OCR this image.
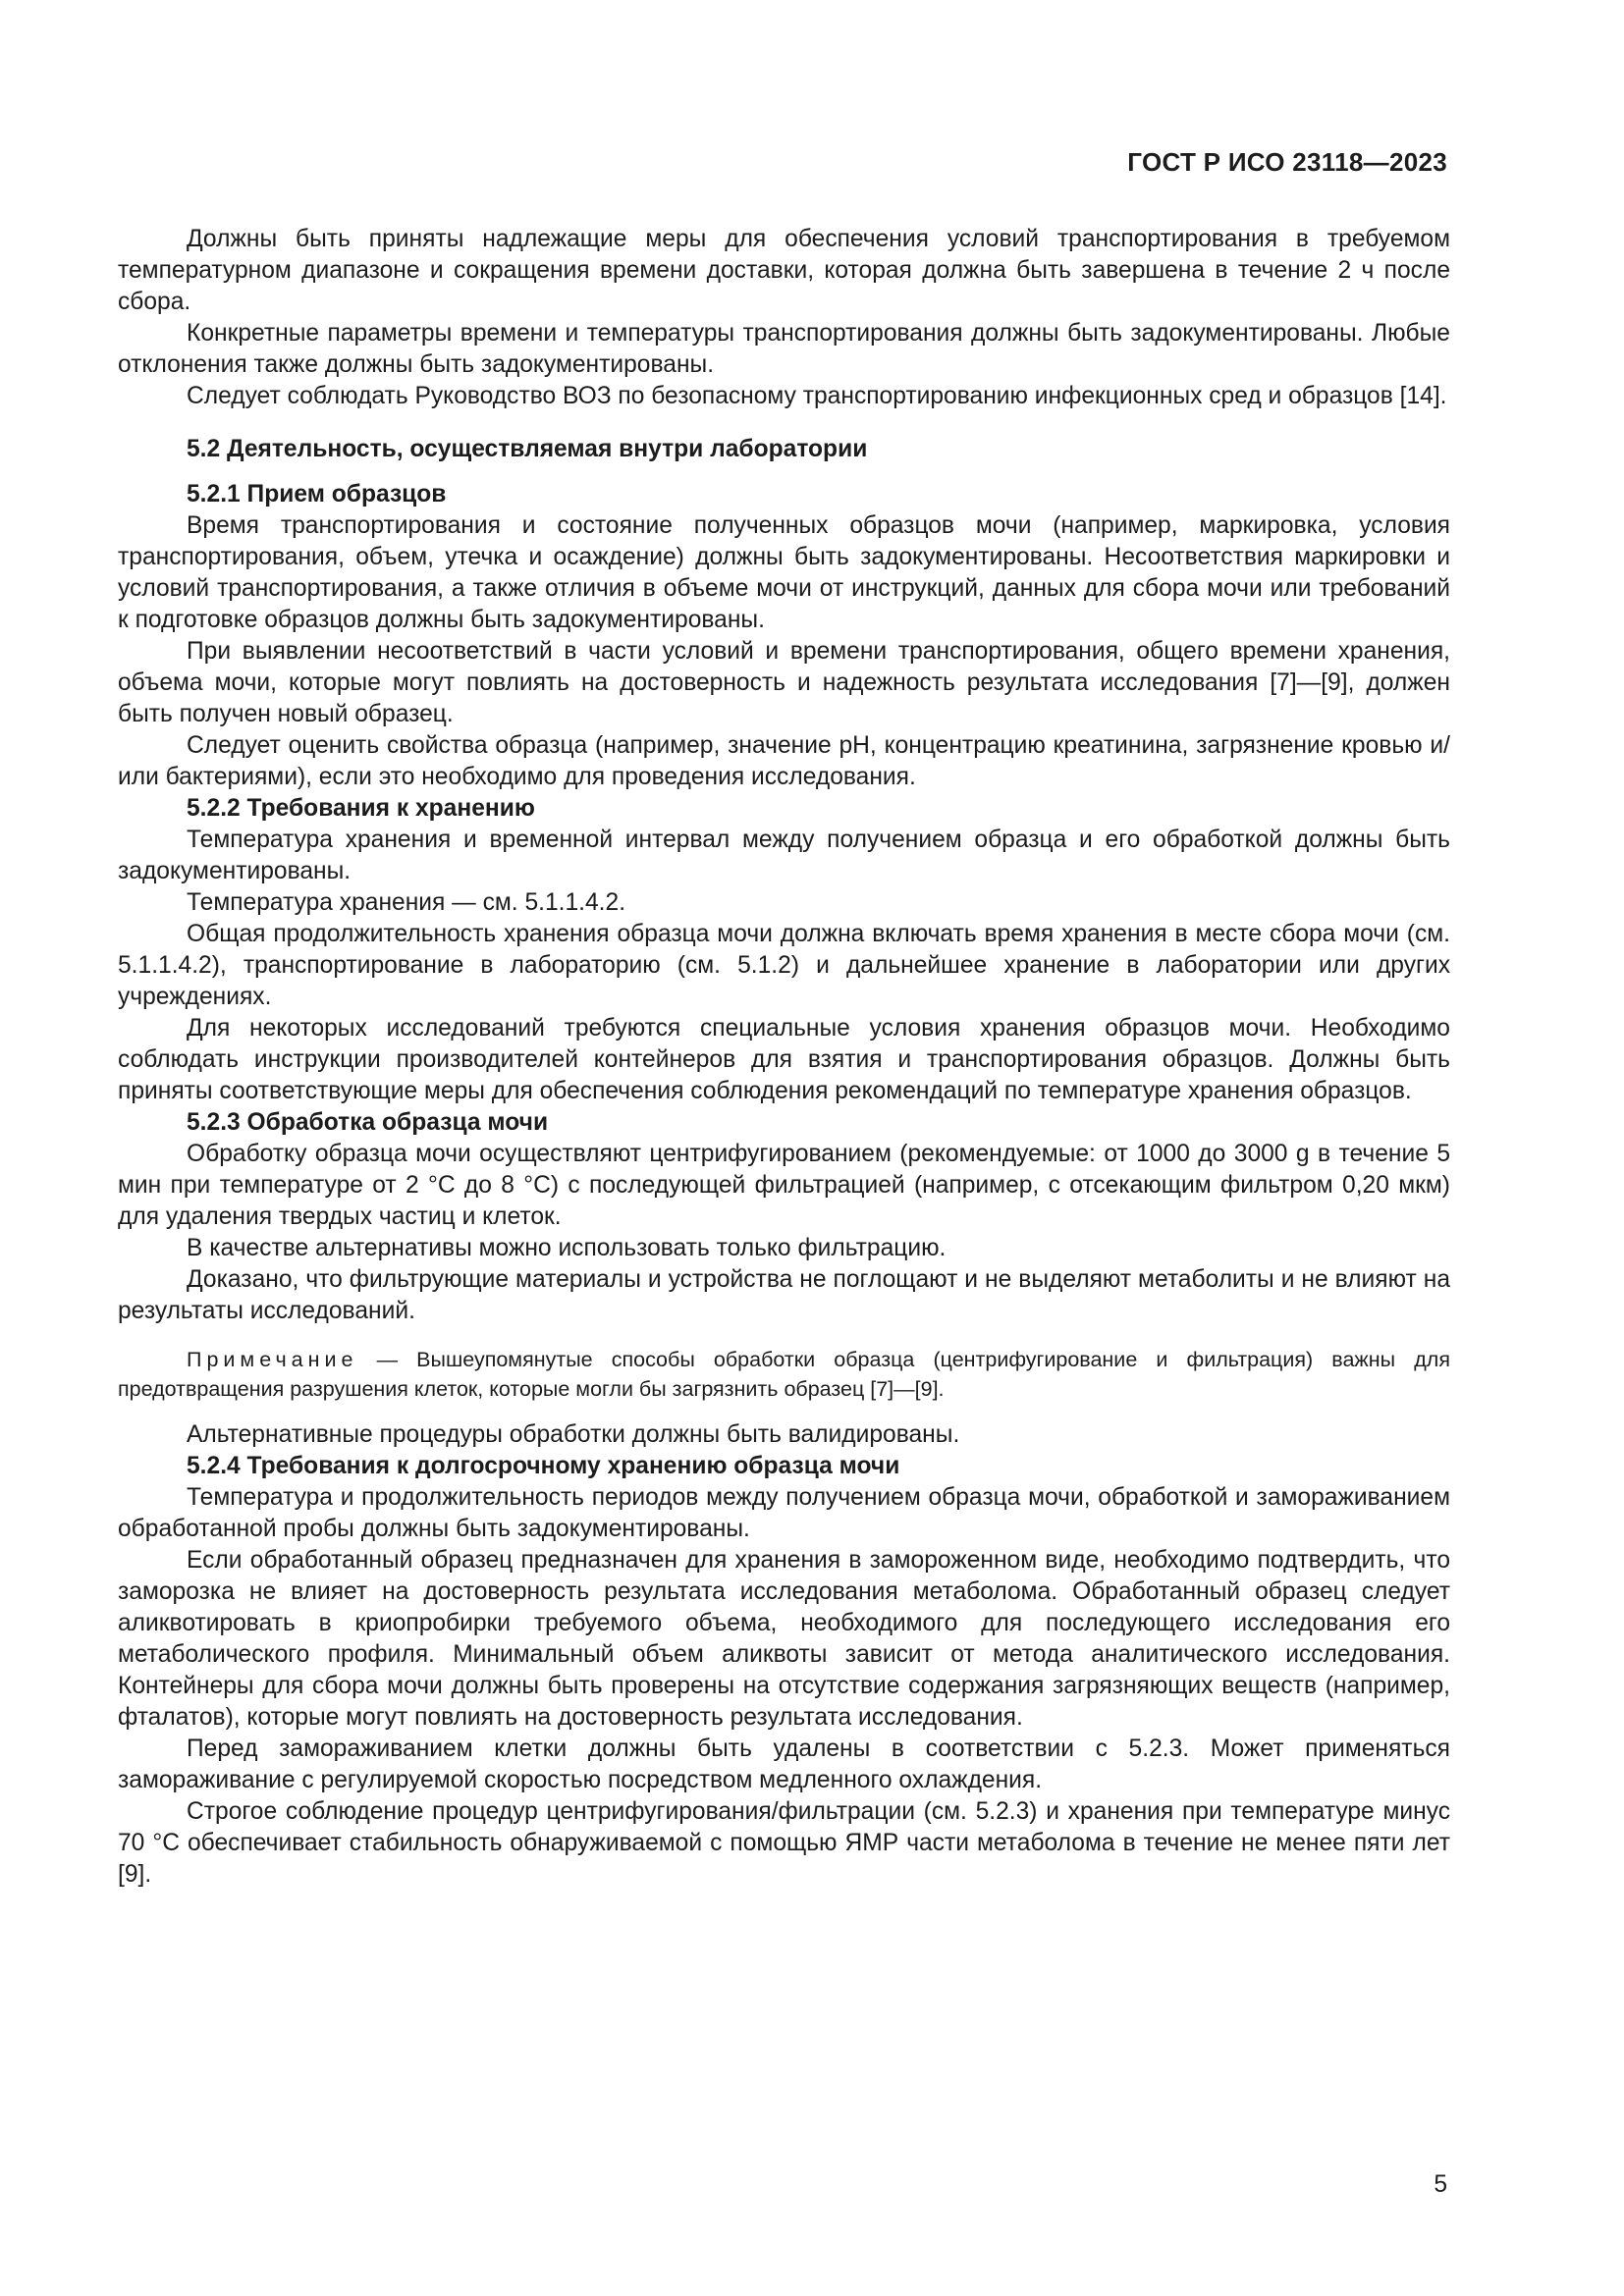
ГОСТ Р ИСО 23118—2023

Должны быть приняты надлежащие меры для обеспечения условий транспортирования в требуемом температурном диапазоне и сокращения времени доставки, которая должна быть завершена в течение 2 ч после сбора.

Конкретные параметры времени и температуры транспортирования должны быть задокументированы. Любые отклонения также должны быть задокументированы.

Следует соблюдать Руководство ВОЗ по безопасному транспортированию инфекционных сред и образцов [14].

5.2 Деятельность, осуществляемая внутри лаборатории
5.2.1 Прием образцов

Время транспортирования и состояние полученных образцов мочи (например, маркировка, условия транспортирования, объем, утечка и осаждение) должны быть задокументированы. Несоответствия маркировки и условий транспортирования, а также отличия в объеме мочи от инструкций, данных для сбора мочи или требований к подготовке образцов должны быть задокументированы.

При выявлении несоответствий в части условий и времени транспортирования, общего времени хранения, объема мочи, которые могут повлиять на достоверность и надежность результата исследования [7]—[9], должен быть получен новый образец.

Следует оценить свойства образца (например, значение рН, концентрацию креатинина, загрязнение кровью и/или бактериями), если это необходимо для проведения исследования.

5.2.2 Требования к хранению

Температура хранения и временной интервал между получением образца и его обработкой должны быть задокументированы.

Температура хранения — см. 5.1.1.4.2.

Общая продолжительность хранения образца мочи должна включать время хранения в месте сбора мочи (см. 5.1.1.4.2), транспортирование в лабораторию (см. 5.1.2) и дальнейшее хранение в лаборатории или других учреждениях.

Для некоторых исследований требуются специальные условия хранения образцов мочи. Необходимо соблюдать инструкции производителей контейнеров для взятия и транспортирования образцов. Должны быть приняты соответствующие меры для обеспечения соблюдения рекомендаций по температуре хранения образцов.

5.2.3 Обработка образца мочи

Обработку образца мочи осуществляют центрифугированием (рекомендуемые: от 1000 до 3000 g в течение 5 мин при температуре от 2 °С до 8 °С) с последующей фильтрацией (например, с отсекающим фильтром 0,20 мкм) для удаления твердых частиц и клеток.

В качестве альтернативы можно использовать только фильтрацию.

Доказано, что фильтрующие материалы и устройства не поглощают и не выделяют метаболиты и не влияют на результаты исследований.

Примечание — Вышеупомянутые способы обработки образца (центрифугирование и фильтрация) важны для предотвращения разрушения клеток, которые могли бы загрязнить образец [7]—[9].

Альтернативные процедуры обработки должны быть валидированы.

5.2.4 Требования к долгосрочному хранению образца мочи

Температура и продолжительность периодов между получением образца мочи, обработкой и замораживанием обработанной пробы должны быть задокументированы.

Если обработанный образец предназначен для хранения в замороженном виде, необходимо подтвердить, что заморозка не влияет на достоверность результата исследования метаболома. Обработанный образец следует аликвотировать в криопробирки требуемого объема, необходимого для последующего исследования его метаболического профиля. Минимальный объем аликвоты зависит от метода аналитического исследования. Контейнеры для сбора мочи должны быть проверены на отсутствие содержания загрязняющих веществ (например, фталатов), которые могут повлиять на достоверность результата исследования.

Перед замораживанием клетки должны быть удалены в соответствии с 5.2.3. Может применяться замораживание с регулируемой скоростью посредством медленного охлаждения.

Строгое соблюдение процедур центрифугирования/фильтрации (см. 5.2.3) и хранения при температуре минус 70 °С обеспечивает стабильность обнаруживаемой с помощью ЯМР части метаболома в течение не менее пяти лет [9].

5
